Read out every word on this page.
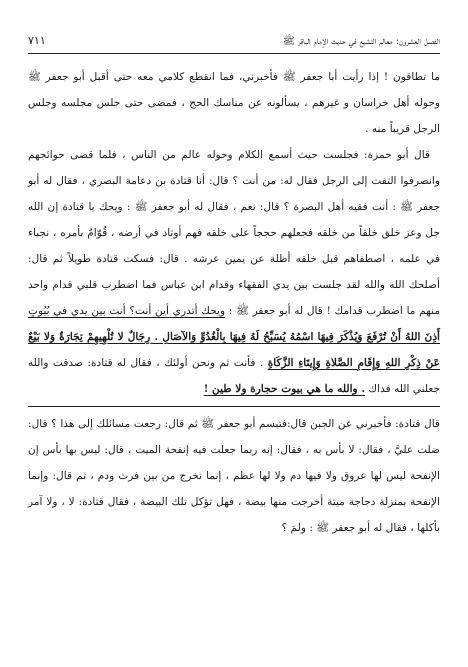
الفصل العشرون: معالم التشيع في حديث الإمام الباقر ﷺ
٧١١

ما تطاقون ! إذا رأيت أبا جعفر ﷺ فأخبرني، فما انقطع كلامي معه حتى أقبل أبو جعفر ﷺ وحوله أهل خراسان و غيرهم ، يسألونه عن مناسك الحج ، فمضى حتى جلس مجلسه وجلس الرجل قريباً منه .

قال أبو حمزة: فجلست حيث أسمع الكلام وحوله عالم من الناس ، فلما قضى حوائجهم وانصرفوا التفت إلى الرجل فقال له: من أنت ؟ قال: أنا قتادة بن دعامة البصري ، فقال له أبو جعفر ﷺ : أنت فقيه أهل البصرة ؟ قال: نعم ، فقال له أبو جعفر ﷺ : ويحك يا قتادة إن الله جل وعز خلق خلقاً من خلقه فجعلهم حججاً على خلقه فهم أوتاد في أرضه ، قُوّامٌ بأمره ، نجباء في علمه ، اصطفاهم قبل خلقه أظلة عن يمين عرشه . قال: فسكت قتادة طويلاً ثم قال: أصلحك الله والله لقد جلست بين يدي الفقهاء وقدام ابن عباس فما اضطرب قلبي قدام واحد منهم ما اضطرب قدامك ! قال له أبو جعفر ﷺ : ويحك أتدري أين أنت؟ أنت بين يدي في بُيُوتٍ أَذِنَ اللهُ أَنْ تُرْفَعَ وَيُذْكَرَ فِيهَا اسْمُهُ يُسَبِّحُ لَهُ فِيهَا بِالْغُدُوِّ وَالآصَالِ . رِجَالٌ لا تُلْهِيهِمْ تِجَارَةٌ وَلا بَيْعٌ عَنْ ذِكْرِ اللهِ وَإِقَامِ الصَّلاةِ وَإِيتَاءِ الزَّكَاةِ . فأنت ثم ونحن أولئك ، فقال له قتادة: صدقت والله جعلني الله فداك . والله ما هي بيوت حجارة ولا طين !

قال قتادة: فأخبرني عن الجبن قال:فتبسم أبو جعفر ﷺ ثم قال: رجعت مسائلك إلى هذا ؟ قال: ضلت عليَّ ، فقال: لا بأس به ، فقال: إنه ربما جعلت فيه إنفحة الميت ، قال: ليس بها بأس إن الإنفحة ليس لها عروق ولا فيها دم ولا لها عظم ، إنما تخرج من بين فرث ودم ، ثم قال: وإنما الإنفحة بمنزلة دجاجة ميتة أخرجت منها بيضة ، فهل تؤكل تلك البيضة ، فقال قتادة: لا ، ولا آمر بأكلها ، فقال له أبو جعفر ﷺ : ولمَ ؟
